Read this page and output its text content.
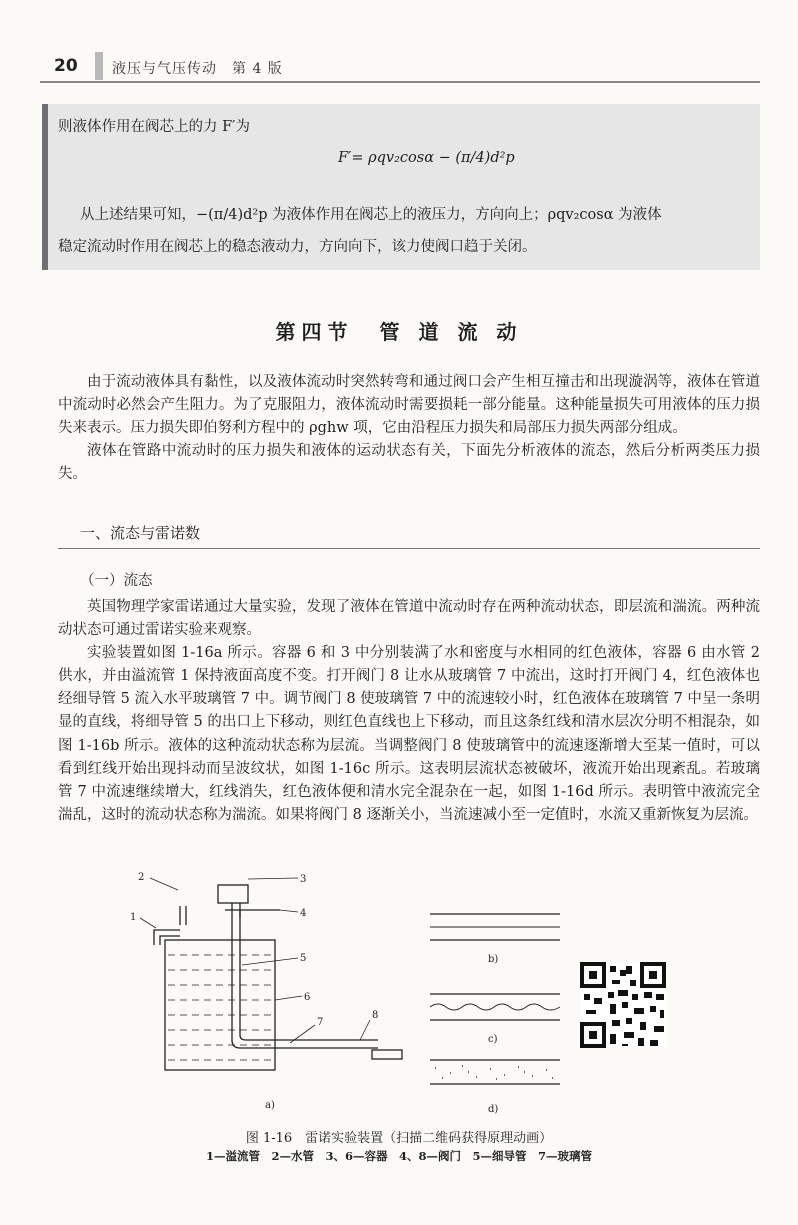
20 液压与气压传动　 第 4 版
则液体作用在阀芯上的力 F′为
F′= ρqv₂cosα − (π/4)d²p
从上述结果可知，−(π/4)d²p 为液体作用在阀芯上的液压力，方向向上；ρqv₂cosα 为液体
稳定流动时作用在阀芯上的稳态液动力，方向向下，该力使阀口趋于关闭。
第四节　管 道 流 动

由于流动液体具有黏性，以及液体流动时突然转弯和通过阀口会产生相互撞击和出现漩涡等，液体在管道中流动时必然会产生阻力。为了克服阻力，液体流动时需要损耗一部分能量。这种能量损失可用液体的压力损失来表示。压力损失即伯努利方程中的 ρghw 项，它由沿程压力损失和局部压力损失两部分组成。

液体在管路中流动时的压力损失和液体的运动状态有关，下面先分析液体的流态，然后分析两类压力损失。

一、流态与雷诺数
（一）流态

英国物理学家雷诺通过大量实验，发现了液体在管道中流动时存在两种流动状态，即层流和湍流。两种流动状态可通过雷诺实验来观察。

实验装置如图 1-16a 所示。容器 6 和 3 中分别装满了水和密度与水相同的红色液体，容器 6 由水管 2 供水，并由溢流管 1 保持液面高度不变。打开阀门 8 让水从玻璃管 7 中流出，这时打开阀门 4，红色液体也经细导管 5 流入水平玻璃管 7 中。调节阀门 8 使玻璃管 7 中的流速较小时，红色液体在玻璃管 7 中呈一条明显的直线，将细导管 5 的出口上下移动，则红色直线也上下移动，而且这条红线和清水层次分明不相混杂，如图 1-16b 所示。液体的这种流动状态称为层流。当调整阀门 8 使玻璃管中的流速逐渐增大至某一值时，可以看到红线开始出现抖动而呈波纹状，如图 1-16c 所示。这表明层流状态被破坏，液流开始出现紊乱。若玻璃管 7 中流速继续增大，红线消失，红色液体便和清水完全混杂在一起，如图 1-16d 所示。表明管中液流完全湍乱，这时的流动状态称为湍流。如果将阀门 8 逐渐关小，当流速减小至一定值时，水流又重新恢复为层流。

2
1
3
4
5
6
7
8
a)
b)
c)
d)
图 1-16　雷诺实验装置（扫描二维码获得原理动画）
1—溢流管　2—水管　3、6—容器　4、8—阀门　5—细导管　7—玻璃管
